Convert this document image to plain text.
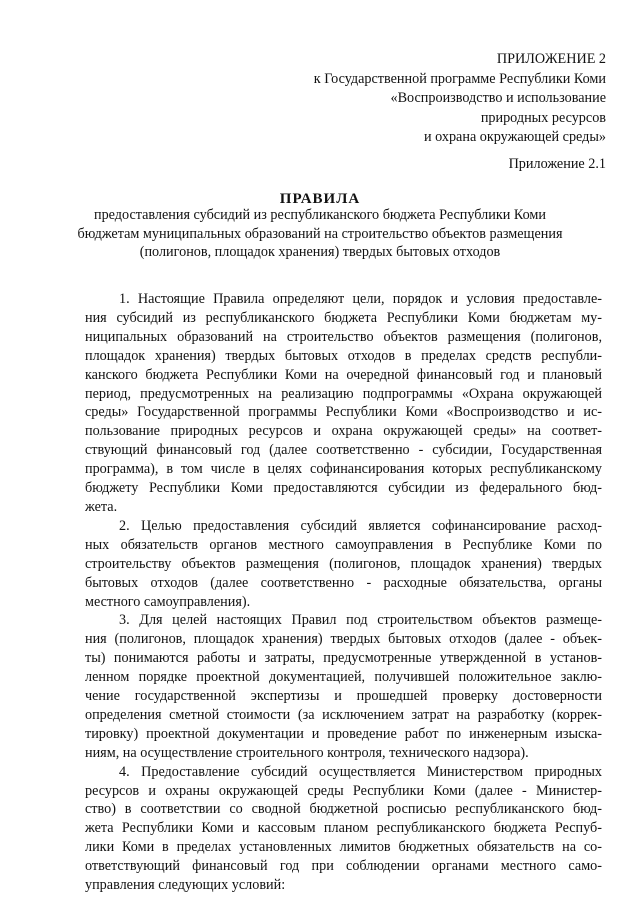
ПРИЛОЖЕНИЕ 2
к Государственной программе Республики Коми
«Воспроизводство и использование
природных ресурсов
и охрана окружающей среды»
Приложение 2.1
ПРАВИЛА
предоставления субсидий из республиканского бюджета Республики Коми
бюджетам муниципальных образований на строительство объектов размещения
(полигонов, площадок хранения) твердых бытовых отходов
1. Настоящие Правила определяют цели, порядок и условия предоставле-
ния субсидий из республиканского бюджета Республики Коми бюджетам му-
ниципальных образований на строительство объектов размещения (полигонов,
площадок хранения) твердых бытовых отходов в пределах средств республи-
канского бюджета Республики Коми на очередной финансовый год и плановый
период, предусмотренных на реализацию подпрограммы «Охрана окружающей
среды» Государственной программы Республики Коми «Воспроизводство и ис-
пользование природных ресурсов и охрана окружающей среды» на соответ-
ствующий финансовый год (далее соответственно - субсидии, Государственная
программа), в том числе в целях софинансирования которых республиканскому
бюджету Республики Коми предоставляются субсидии из федерального бюд-
жета.
2. Целью предоставления субсидий является софинансирование расход-
ных обязательств органов местного самоуправления в Республике Коми по
строительству объектов размещения (полигонов, площадок хранения) твердых
бытовых отходов (далее соответственно - расходные обязательства, органы
местного самоуправления).
3. Для целей настоящих Правил под строительством объектов размеще-
ния (полигонов, площадок хранения) твердых бытовых отходов (далее - объек-
ты) понимаются работы и затраты, предусмотренные утвержденной в установ-
ленном порядке проектной документацией, получившей положительное заклю-
чение государственной экспертизы и прошедшей проверку достоверности
определения сметной стоимости (за исключением затрат на разработку (коррек-
тировку) проектной документации и проведение работ по инженерным изыска-
ниям, на осуществление строительного контроля, технического надзора).
4. Предоставление субсидий осуществляется Министерством природных
ресурсов и охраны окружающей среды Республики Коми (далее - Министер-
ство) в соответствии со сводной бюджетной росписью республиканского бюд-
жета Республики Коми и кассовым планом республиканского бюджета Респуб-
лики Коми в пределах установленных лимитов бюджетных обязательств на со-
ответствующий финансовый год при соблюдении органами местного само-
управления следующих условий:
